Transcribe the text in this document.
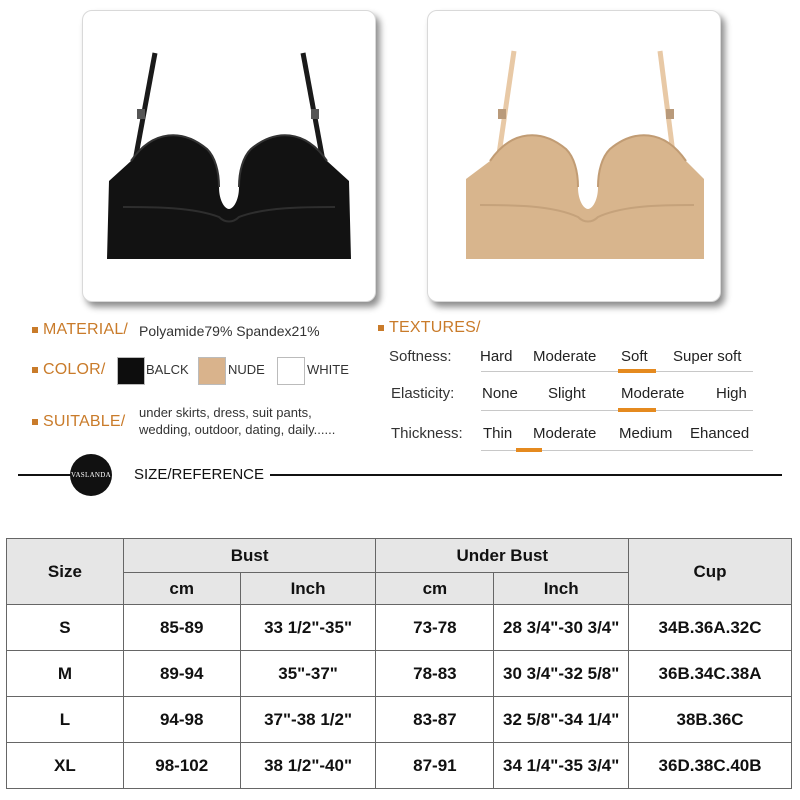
MATERIAL/ Polyamide79% Spandex21%
COLOR/	BALCK	NUDE	WHITE
SUITABLE/
under skirts, dress, suit pants,
wedding, outdoor, dating, daily......
TEXTURES/
Softness: Hard Moderate Soft Super soft
Elasticity: None Slight Moderate High
Thickness: Thin Moderate Medium Ehanced
VASLANDA SIZE/REFERENCE
Size	Bust		Under Bust		Cup
	cm	Inch	cm	Inch	
S	85-89	33 1/2"-35"	73-78	28 3/4"-30 3/4"	34B.36A.32C
M	89-94	35"-37"	78-83	30 3/4"-32 5/8"	36B.34C.38A
L	94-98	37"-38 1/2"	83-87	32 5/8"-34 1/4"	38B.36C
XL	98-102	38 1/2"-40"	87-91	34 1/4"-35 3/4"	36D.38C.40B
